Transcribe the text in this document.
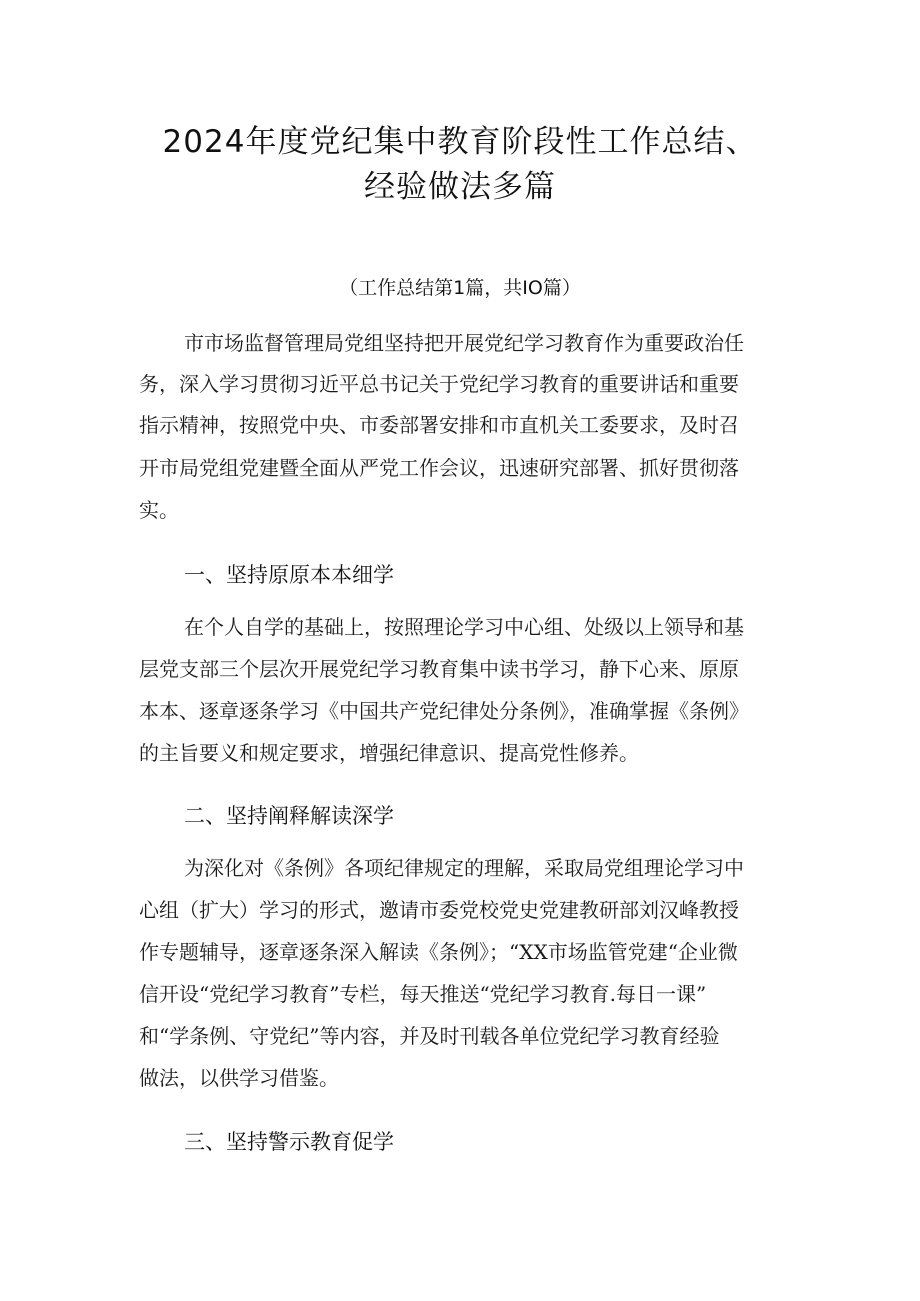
2024年度党纪集中教育阶段性工作总结、
经验做法多篇
（工作总结第1篇，共IO篇）
市市场监督管理局党组坚持把开展党纪学习教育作为重要政治任
务，深入学习贯彻习近平总书记关于党纪学习教育的重要讲话和重要
指示精神，按照党中央、市委部署安排和市直机关工委要求，及时召
开市局党组党建暨全面从严党工作会议，迅速研究部署、抓好贯彻落
实。
一、坚持原原本本细学
在个人自学的基础上，按照理论学习中心组、处级以上领导和基
层党支部三个层次开展党纪学习教育集中读书学习，静下心来、原原
本本、逐章逐条学习《中国共产党纪律处分条例》，准确掌握《条例》
的主旨要义和规定要求，增强纪律意识、提高党性修养。
二、坚持阐释解读深学
为深化对《条例》各项纪律规定的理解，采取局党组理论学习中
心组（扩大）学习的形式，邀请市委党校党史党建教研部刘汉峰教授
作专题辅导，逐章逐条深入解读《条例》；“XX市场监管党建“企业微
信开设“党纪学习教育”专栏，每天推送“党纪学习教育.每日一课”
和“学条例、守党纪”等内容，并及时刊载各单位党纪学习教育经验
做法，以供学习借鉴。
三、坚持警示教育促学
